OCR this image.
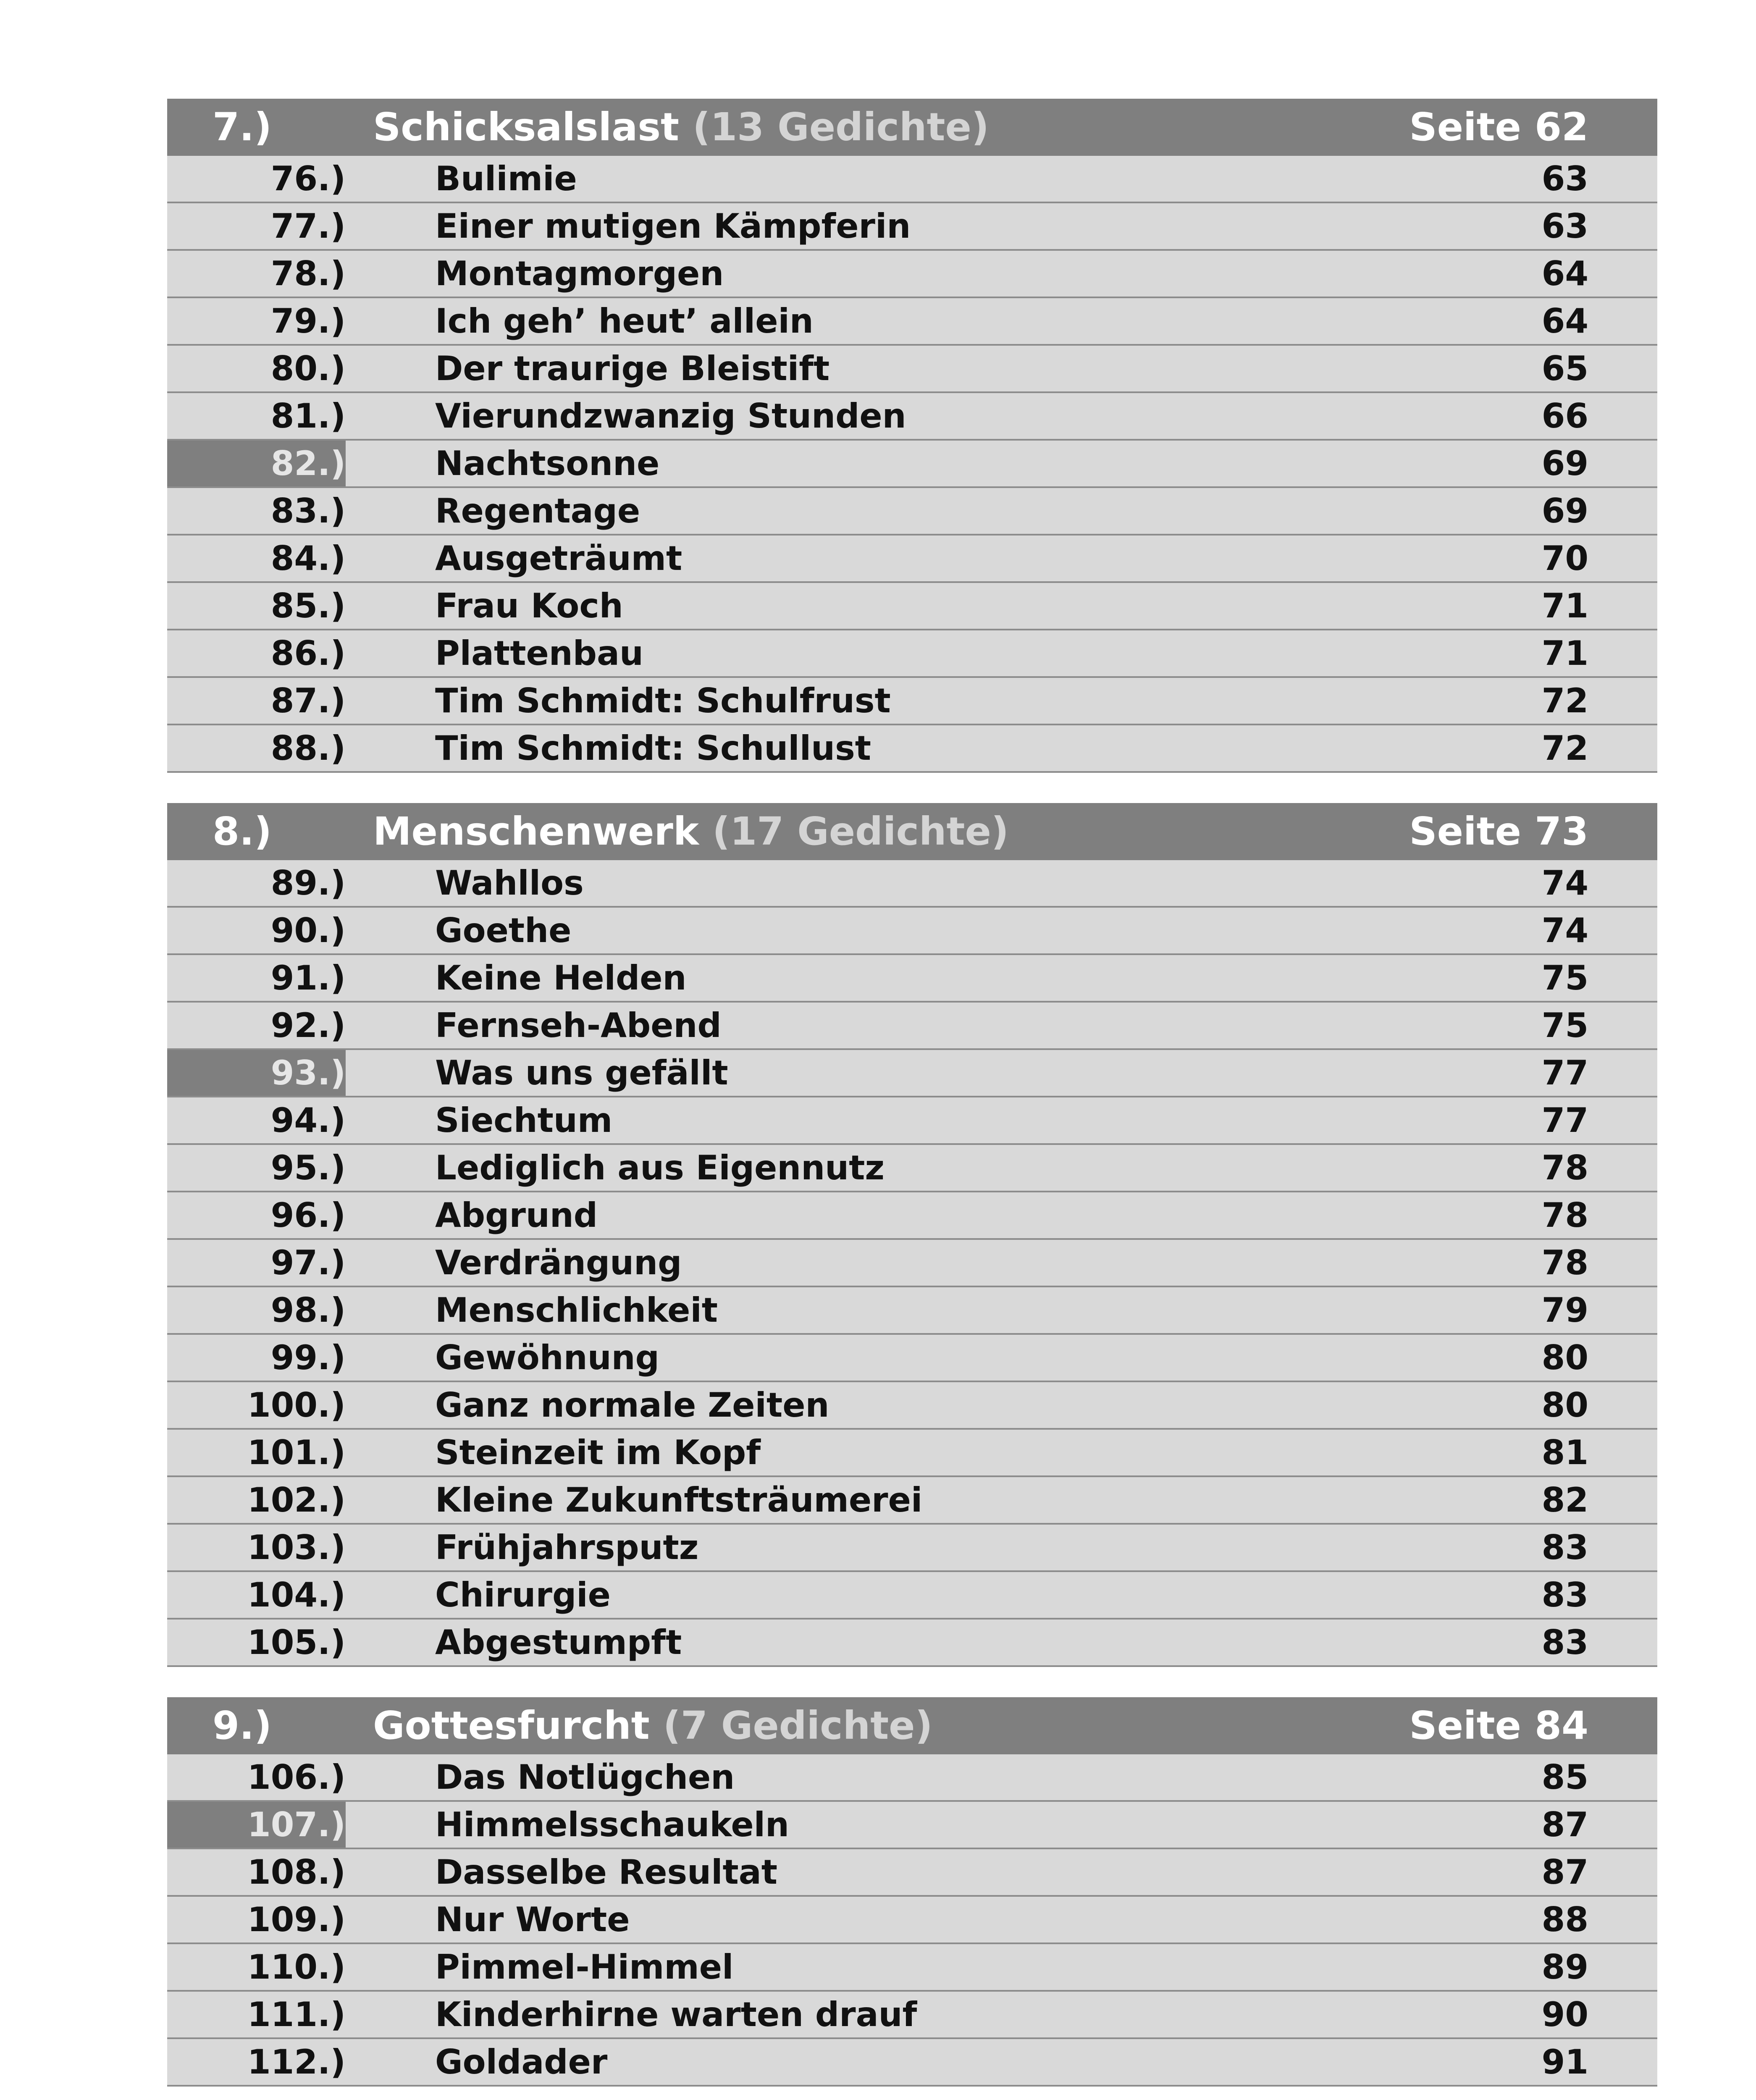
7.)	Schicksalslast (13 Gedichte)	Seite 62
76.)	Bulimie	63
77.)	Einer mutigen Kämpferin	63
78.)	Montagmorgen	64
79.)	Ich geh’ heut’ allein	64
80.)	Der traurige Bleistift	65
81.)	Vierundzwanzig Stunden	66
82.)	Nachtsonne	69
83.)	Regentage	69
84.)	Ausgeträumt	70
85.)	Frau Koch	71
86.)	Plattenbau	71
87.)	Tim Schmidt: Schulfrust	72
88.)	Tim Schmidt: Schullust	72
8.)	Menschenwerk (17 Gedichte)	Seite 73
89.)	Wahllos	74
90.)	Goethe	74
91.)	Keine Helden	75
92.)	Fernseh-Abend	75
93.)	Was uns gefällt	77
94.)	Siechtum	77
95.)	Lediglich aus Eigennutz	78
96.)	Abgrund	78
97.)	Verdrängung	78
98.)	Menschlichkeit	79
99.)	Gewöhnung	80
100.)	Ganz normale Zeiten	80
101.)	Steinzeit im Kopf	81
102.)	Kleine Zukunftsträumerei	82
103.)	Frühjahrsputz	83
104.)	Chirurgie	83
105.)	Abgestumpft	83
9.)	Gottesfurcht (7 Gedichte)	Seite 84
106.)	Das Notlügchen	85
107.)	Himmelsschaukeln	87
108.)	Dasselbe Resultat	87
109.)	Nur Worte	88
110.)	Pimmel-Himmel	89
111.)	Kinderhirne warten drauf	90
112.)	Goldader	91
